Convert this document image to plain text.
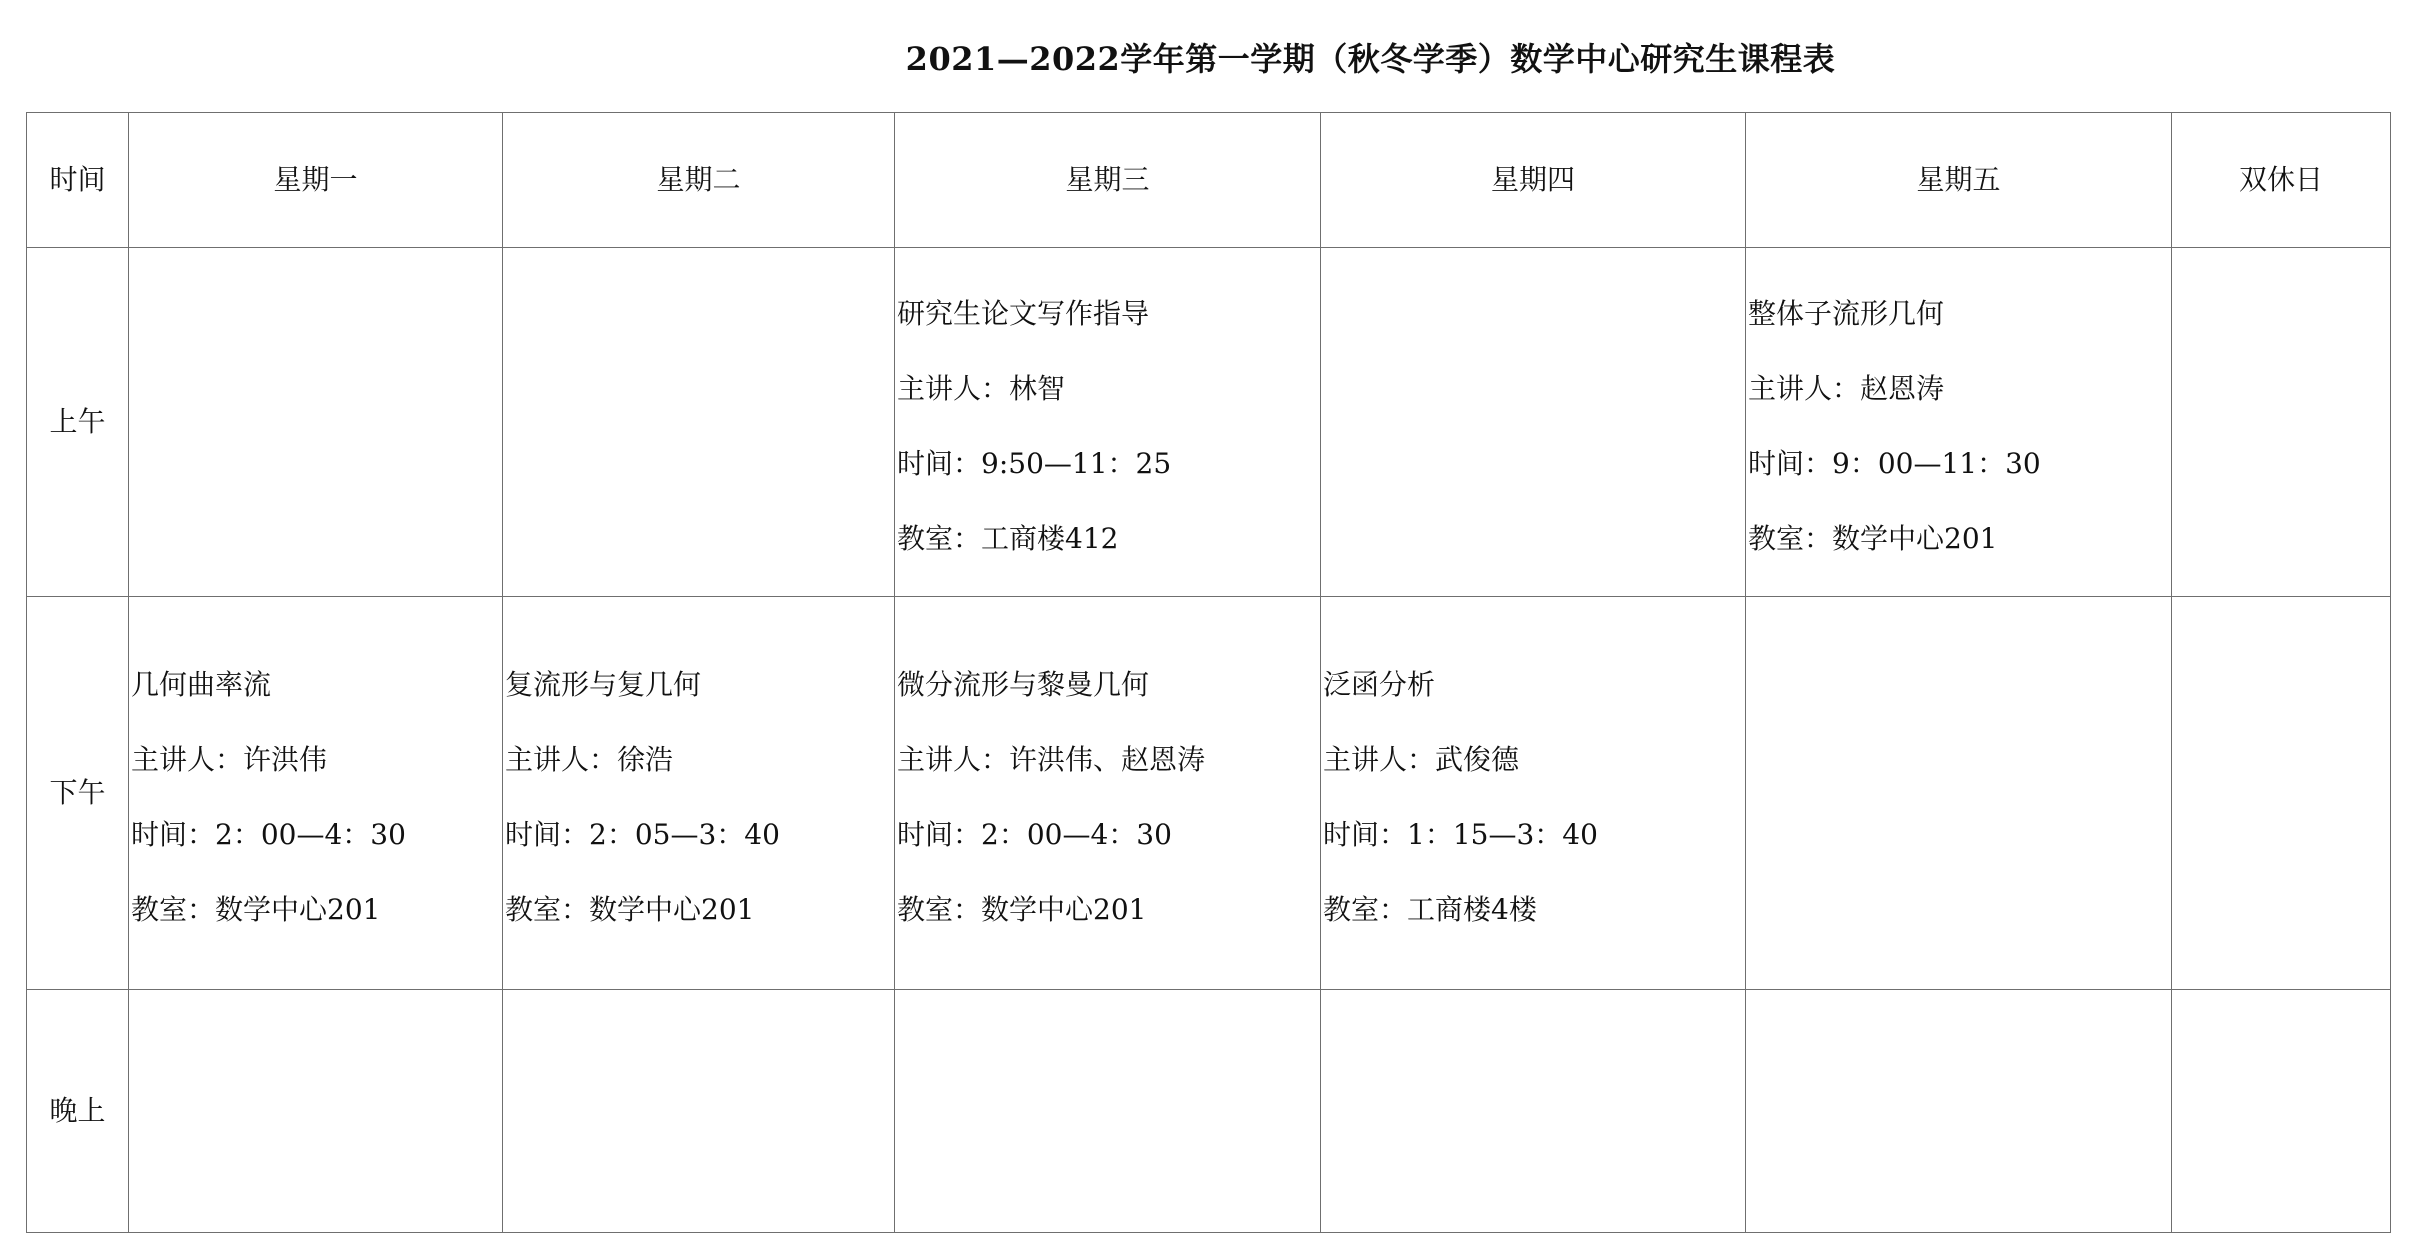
2021—2022学年第一学期（秋冬学季）数学中心研究生课程表
时间	星期一	星期二	星期三	星期四	星期五	双休日
上午			研究生论文写作指导
主讲人：林智
时间：9:50—11：25
教室：工商楼412		整体子流形几何
主讲人：赵恩涛
时间：9：00—11：30
教室：数学中心201	

下午	几何曲率流
主讲人：许洪伟
时间：2：00—4：30
教室：数学中心201	复流形与复几何
主讲人：徐浩
时间：2：05—3：40
教室：数学中心201	微分流形与黎曼几何
主讲人：许洪伟、赵恩涛
时间：2：00—4：30
教室：数学中心201	泛函分析
主讲人：武俊德
时间：1：15—3：40
教室：工商楼4楼		

晚上						
